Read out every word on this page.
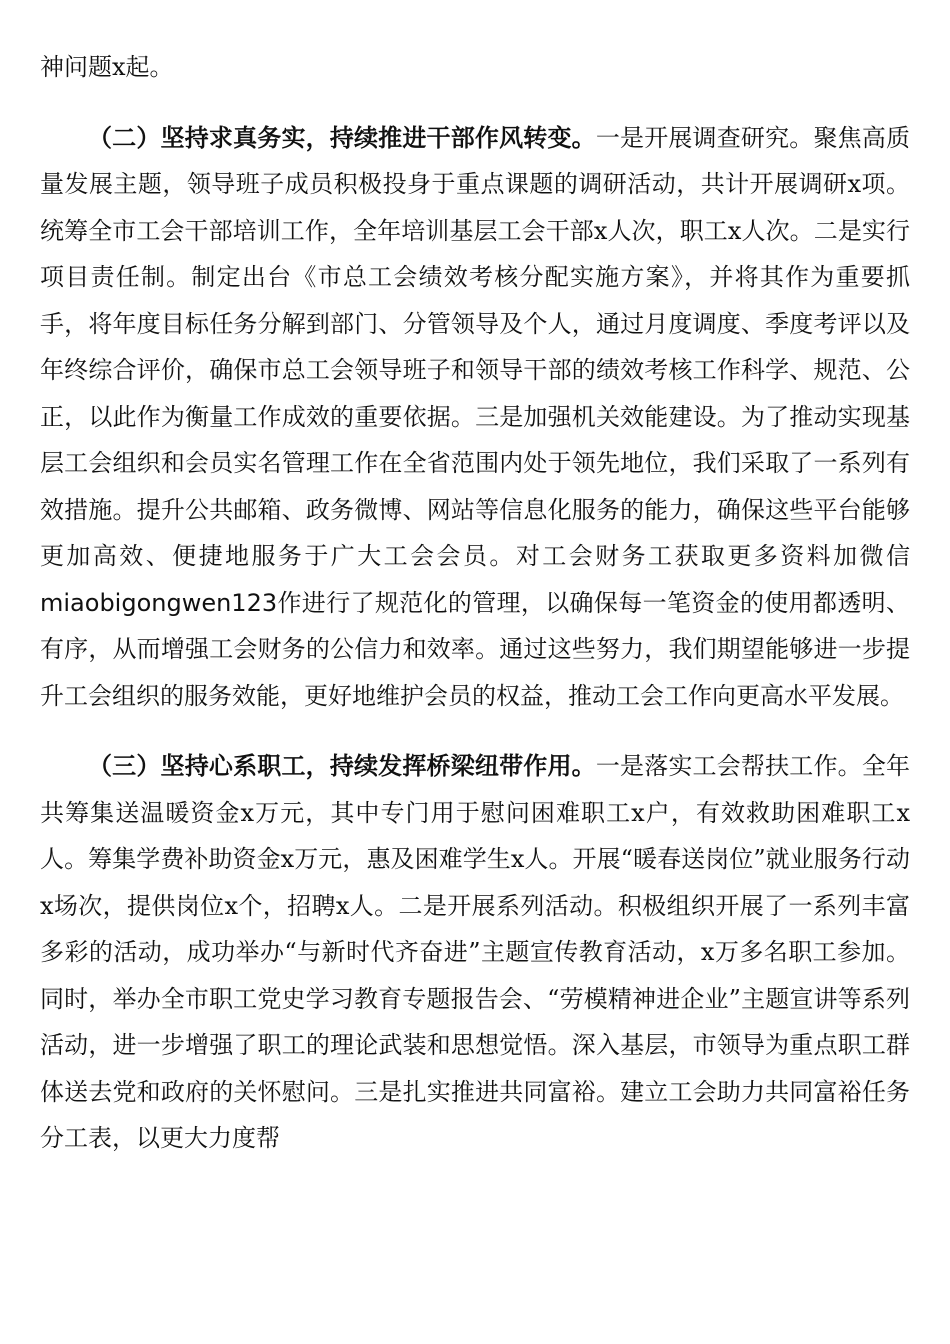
神问题x起。

（二）坚持求真务实，持续推进干部作风转变。一是开展调查研究。聚焦高质量发展主题，领导班子成员积极投身于重点课题的调研活动，共计开展调研x项。统筹全市工会干部培训工作，全年培训基层工会干部x人次，职工x人次。二是实行项目责任制。制定出台《市总工会绩效考核分配实施方案》，并将其作为重要抓手，将年度目标任务分解到部门、分管领导及个人，通过月度调度、季度考评以及年终综合评价，确保市总工会领导班子和领导干部的绩效考核工作科学、规范、公正，以此作为衡量工作成效的重要依据。三是加强机关效能建设。为了推动实现基层工会组织和会员实名管理工作在全省范围内处于领先地位，我们采取了一系列有效措施。提升公共邮箱、政务微博、网站等信息化服务的能力，确保这些平台能够更加高效、便捷地服务于广大工会会员。对工会财务工获取更多资料加微信miaobigongwen123作进行了规范化的管理，以确保每一笔资金的使用都透明、有序，从而增强工会财务的公信力和效率。通过这些努力，我们期望能够进一步提升工会组织的服务效能，更好地维护会员的权益，推动工会工作向更高水平发展。

（三）坚持心系职工，持续发挥桥梁纽带作用。一是落实工会帮扶工作。全年共筹集送温暖资金x万元，其中专门用于慰问困难职工x户，有效救助困难职工x人。筹集学费补助资金x万元，惠及困难学生x人。开展“暖春送岗位”就业服务行动x场次，提供岗位x个，招聘x人。二是开展系列活动。积极组织开展了一系列丰富多彩的活动，成功举办“与新时代齐奋进”主题宣传教育活动，x万多名职工参加。同时，举办全市职工党史学习教育专题报告会、“劳模精神进企业”主题宣讲等系列活动，进一步增强了职工的理论武装和思想觉悟。深入基层，市领导为重点职工群体送去党和政府的关怀慰问。三是扎实推进共同富裕。建立工会助力共同富裕任务分工表，以更大力度帮
